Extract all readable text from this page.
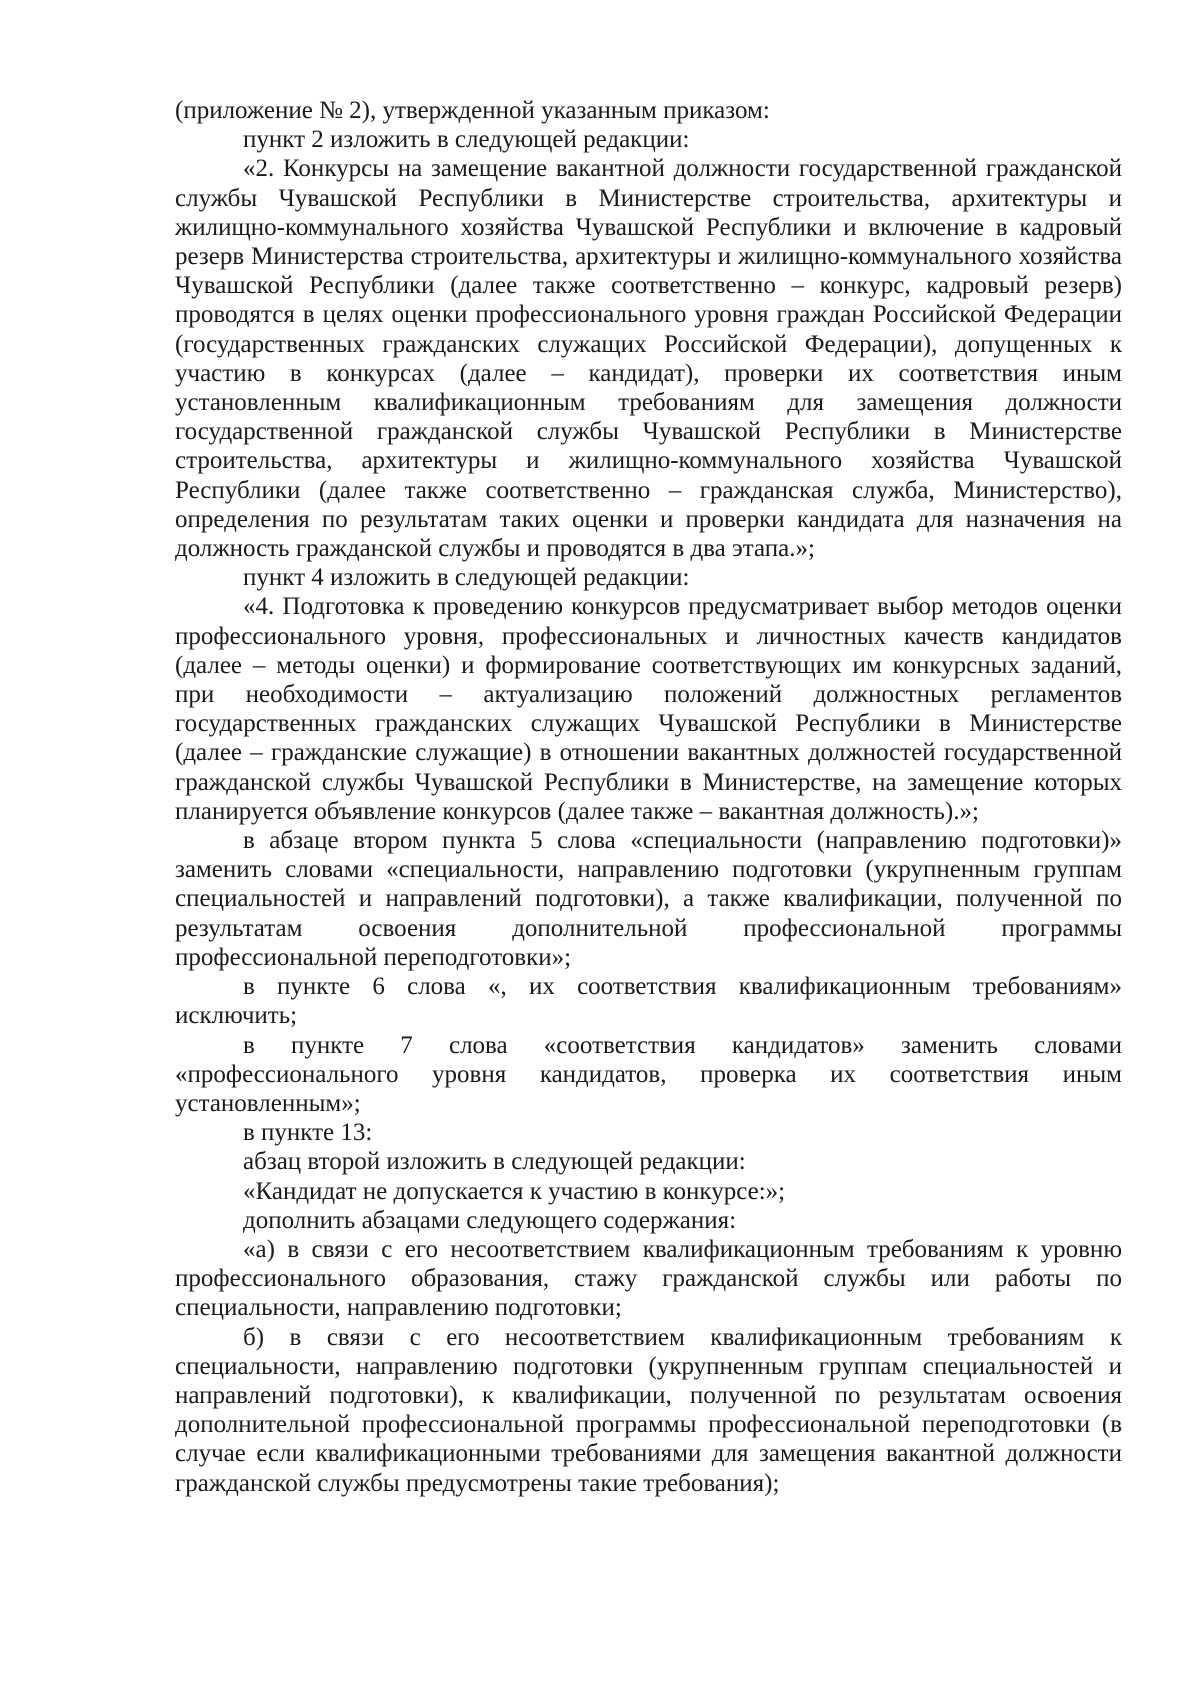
(приложение № 2), утвержденной указанным приказом:

пункт 2 изложить в следующей редакции:

«2. Конкурсы на замещение вакантной должности государственной гражданской службы Чувашской Республики в Министерстве строительства, архитектуры и жилищно-коммунального хозяйства Чувашской Республики и включение в кадровый резерв Министерства строительства, архитектуры и жилищно-коммунального хозяйства Чувашской Республики (далее также соответственно – конкурс, кадровый резерв) проводятся в целях оценки профессионального уровня граждан Российской Федерации (государственных гражданских служащих Российской Федерации), допущенных к участию в конкурсах (далее – кандидат), проверки их соответствия иным установленным квалификационным требованиям для замещения должности государственной гражданской службы Чувашской Республики в Министерстве строительства, архитектуры и жилищно-коммунального хозяйства Чувашской Республики (далее также соответственно – гражданская служба, Министерство), определения по результатам таких оценки и проверки кандидата для назначения на должность гражданской службы и проводятся в два этапа.»;

пункт 4 изложить в следующей редакции:

«4. Подготовка к проведению конкурсов предусматривает выбор методов оценки профессионального уровня, профессиональных и личностных качеств кандидатов (далее – методы оценки) и формирование соответствующих им конкурсных заданий, при необходимости – актуализацию положений должностных регламентов государственных гражданских служащих Чувашской Республики в Министерстве (далее – гражданские служащие) в отношении вакантных должностей государственной гражданской службы Чувашской Республики в Министерстве, на замещение которых планируется объявление конкурсов (далее также – вакантная должность).»;

в абзаце втором пункта 5 слова «специальности (направлению подготовки)» заменить словами «специальности, направлению подготовки (укрупненным группам специальностей и направлений подготовки), а также квалификации, полученной по результатам освоения дополнительной профессиональной программы профессиональной переподготовки»;

в пункте 6 слова «, их соответствия квалификационным требованиям» исключить;

в пункте 7 слова «соответствия кандидатов» заменить словами «профессионального уровня кандидатов, проверка их соответствия иным установленным»;

в пункте 13:

абзац второй изложить в следующей редакции:

«Кандидат не допускается к участию в конкурсе:»;

дополнить абзацами следующего содержания:

«а) в связи с его несоответствием квалификационным требованиям к уровню профессионального образования, стажу гражданской службы или работы по специальности, направлению подготовки;

б) в связи с его несоответствием квалификационным требованиям к специальности, направлению подготовки (укрупненным группам специальностей и направлений подготовки), к квалификации, полученной по результатам освоения дополнительной профессиональной программы профессиональной переподготовки (в случае если квалификационными требованиями для замещения вакантной должности гражданской службы предусмотрены такие требования);
